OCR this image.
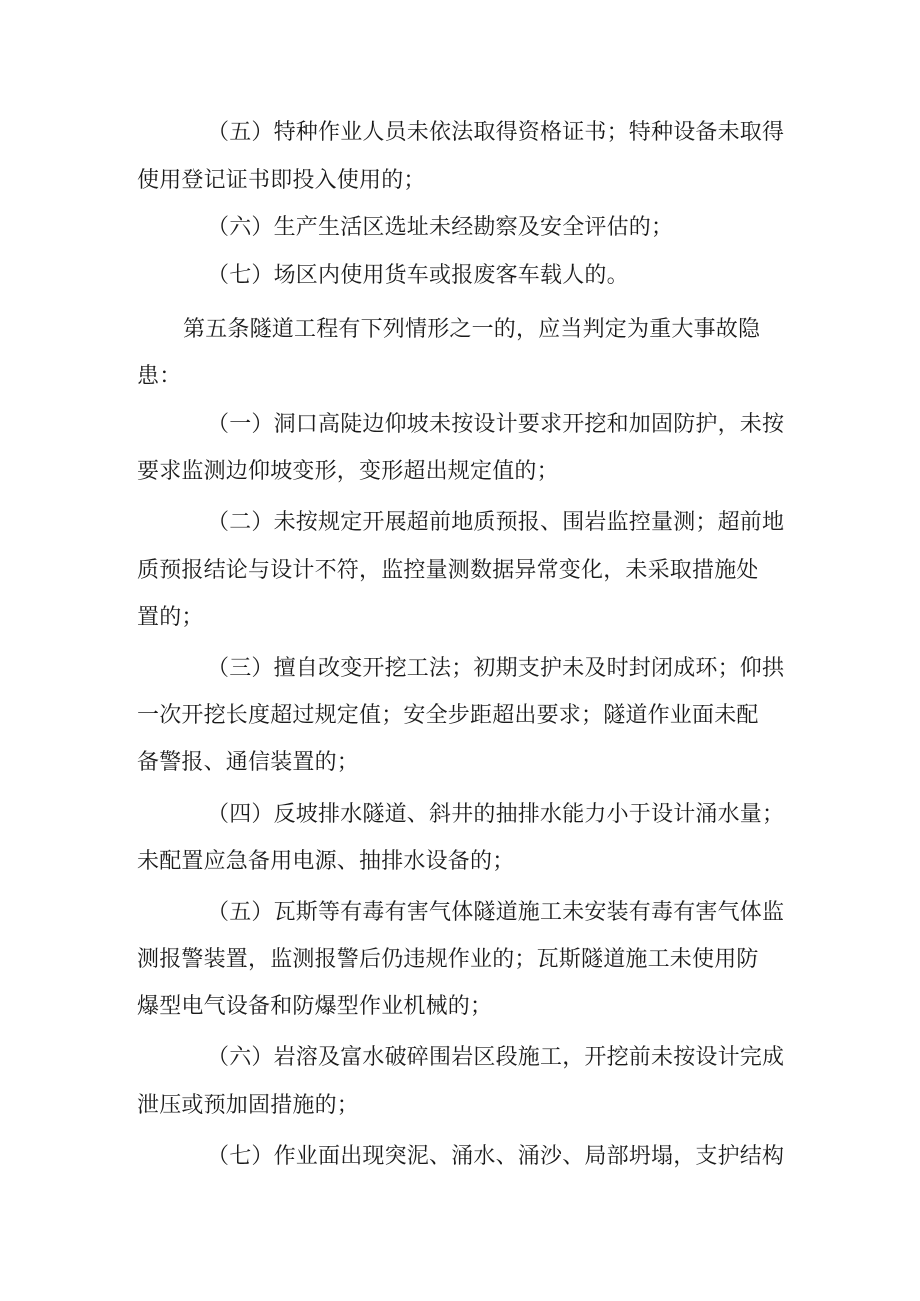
（五）特种作业人员未依法取得资格证书；特种设备未取得
使用登记证书即投入使用的；
（六）生产生活区选址未经勘察及安全评估的；
（七）场区内使用货车或报废客车载人的。
第五条隧道工程有下列情形之一的，应当判定为重大事故隐
患：
（一）洞口高陡边仰坡未按设计要求开挖和加固防护，未按
要求监测边仰坡变形，变形超出规定值的；
（二）未按规定开展超前地质预报、围岩监控量测；超前地
质预报结论与设计不符，监控量测数据异常变化，未采取措施处
置的；
（三）擅自改变开挖工法；初期支护未及时封闭成环；仰拱
一次开挖长度超过规定值；安全步距超出要求；隧道作业面未配
备警报、通信装置的；
（四）反坡排水隧道、斜井的抽排水能力小于设计涌水量；
未配置应急备用电源、抽排水设备的；
（五）瓦斯等有毒有害气体隧道施工未安装有毒有害气体监
测报警装置，监测报警后仍违规作业的；瓦斯隧道施工未使用防
爆型电气设备和防爆型作业机械的；
（六）岩溶及富水破碎围岩区段施工，开挖前未按设计完成
泄压或预加固措施的；
（七）作业面出现突泥、涌水、涌沙、局部坍塌，支护结构
